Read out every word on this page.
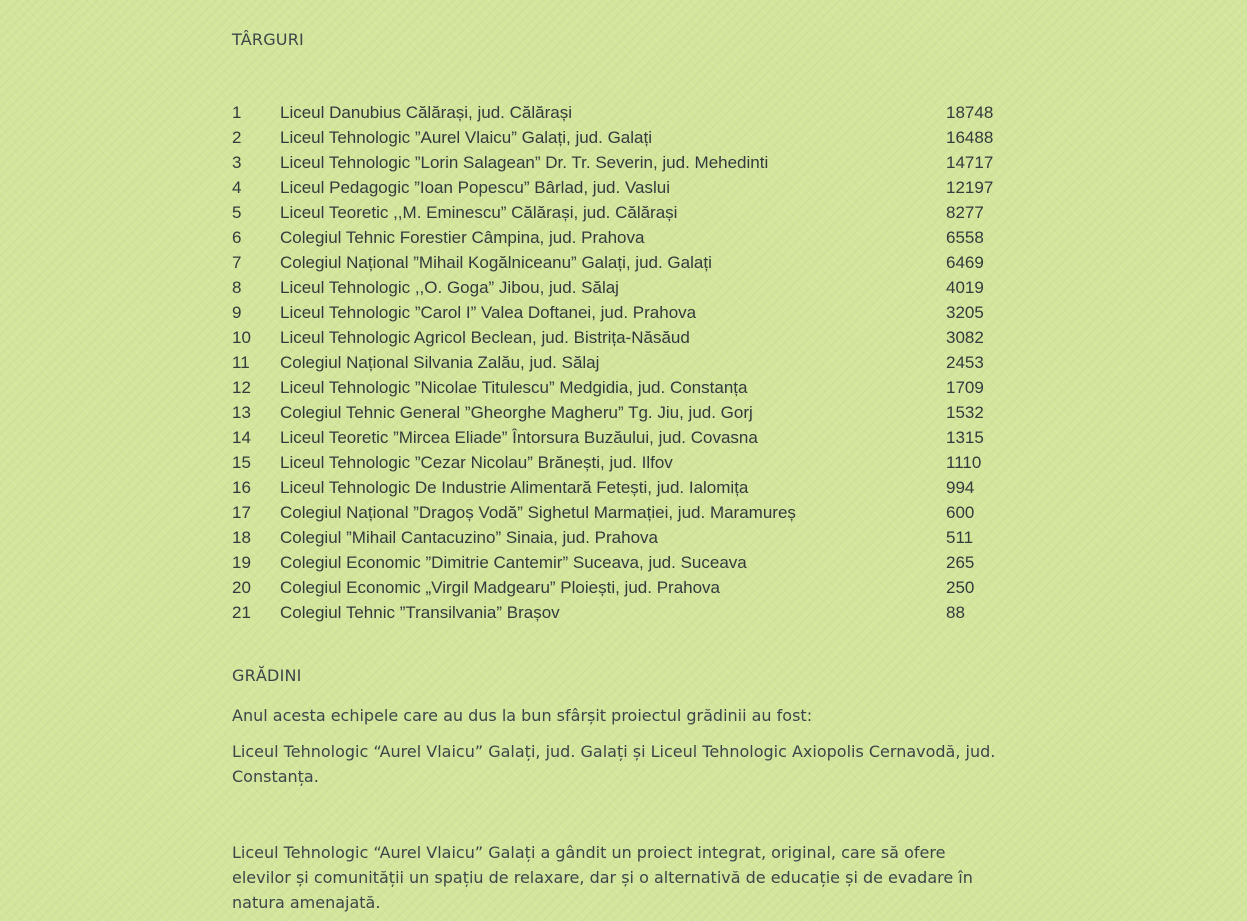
TÂRGURI
1 Liceul Danubius Călărași, jud. Călărași	18748
2 Liceul Tehnologic ”Aurel Vlaicu” Galați, jud. Galați	16488
3 Liceul Tehnologic ”Lorin Salagean” Dr. Tr. Severin, jud. Mehedinti	14717
4 Liceul Pedagogic ”Ioan Popescu” Bârlad, jud. Vaslui	12197
5 Liceul Teoretic ,,M. Eminescu” Călărași, jud. Călărași	8277
6 Colegiul Tehnic Forestier Câmpina, jud. Prahova	6558
7 Colegiul Național ”Mihail Kogălniceanu” Galați, jud. Galați	6469
8 Liceul Tehnologic ,,O. Goga” Jibou, jud. Sălaj	4019
9 Liceul Tehnologic ”Carol I” Valea Doftanei, jud. Prahova	3205
10 Liceul Tehnologic Agricol Beclean, jud. Bistrița-Năsăud	3082
11 Colegiul Național Silvania Zalău, jud. Sălaj	2453
12 Liceul Tehnologic ”Nicolae Titulescu” Medgidia, jud. Constanța	1709
13 Colegiul Tehnic General ”Gheorghe Magheru” Tg. Jiu, jud. Gorj	1532
14 Liceul Teoretic ”Mircea Eliade” Întorsura Buzăului, jud. Covasna	1315
15 Liceul Tehnologic ”Cezar Nicolau” Brănești, jud. Ilfov	1110
16 Liceul Tehnologic De Industrie Alimentară Fetești, jud. Ialomița	994
17 Colegiul Național ”Dragoș Vodă” Sighetul Marmației, jud. Maramureș	600
18 Colegiul ”Mihail Cantacuzino” Sinaia, jud. Prahova	511
19 Colegiul Economic ”Dimitrie Cantemir” Suceava, jud. Suceava	265
20 Colegiul Economic „Virgil Madgearu” Ploiești, jud. Prahova	250
21 Colegiul Tehnic ”Transilvania” Brașov	88
GRĂDINI
Anul acesta echipele care au dus la bun sfârșit proiectul grădinii au fost:
Liceul Tehnologic “Aurel Vlaicu” Galați, jud. Galați și Liceul Tehnologic Axiopolis Cernavodă, jud. Constanța.
Liceul Tehnologic “Aurel Vlaicu” Galați a gândit un proiect integrat, original, care să ofere elevilor și comunității un spațiu de relaxare, dar și o alternativă de educație și de evadare în natura amenajată.
